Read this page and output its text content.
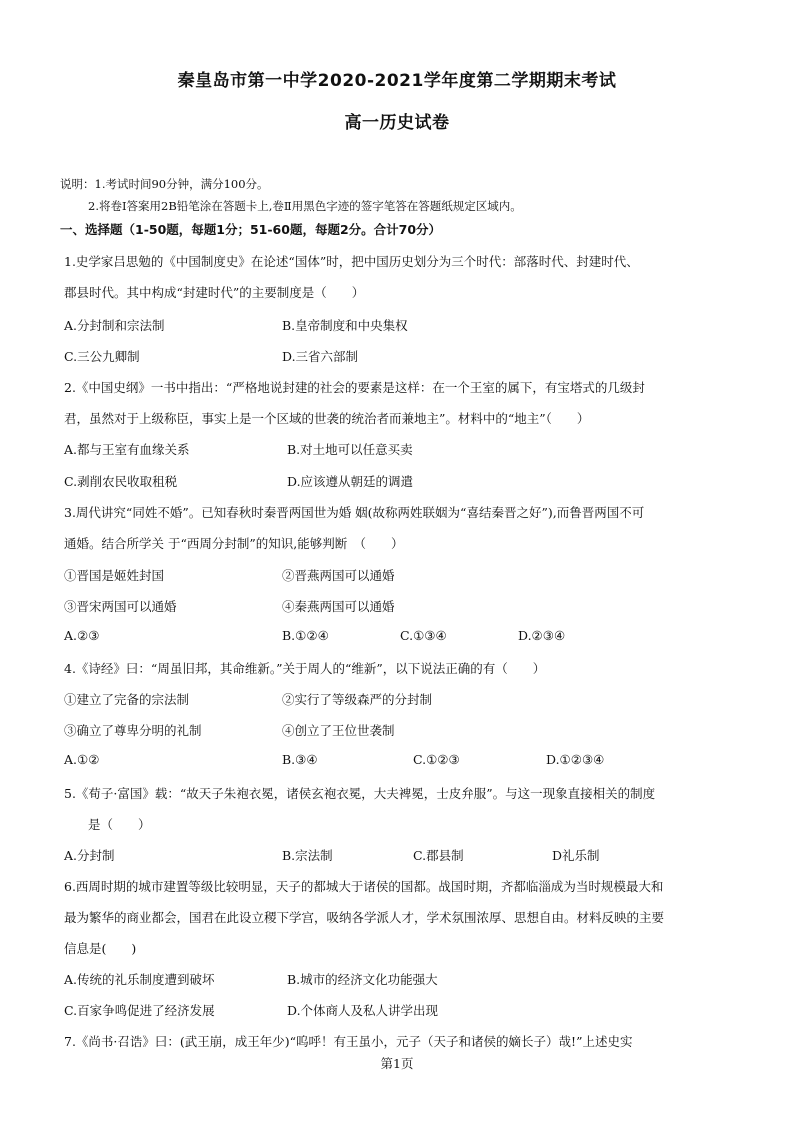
秦皇岛市第一中学2020-2021学年度第二学期期末考试
高一历史试卷
说明：1.考试时间90分钟，满分100分。
2.将卷Ⅰ答案用2B铅笔涂在答题卡上,卷Ⅱ用黑色字迹的签字笔答在答题纸规定区域内。
一、选择题（1-50题，每题1分；51-60题，每题2分。合计70分）
1.史学家吕思勉的《中国制度史》在论述“国体”时，把中国历史划分为三个时代：部落时代、封建时代、
郡县时代。其中构成“封建时代”的主要制度是（　　）
A.分封制和宗法制	B.皇帝制度和中央集权
C.三公九卿制	D.三省六部制
2.《中国史纲》一书中指出：“严格地说封建的社会的要素是这样：在一个王室的属下，有宝塔式的几级封
君，虽然对于上级称臣，事实上是一个区域的世袭的统治者而兼地主”。材料中的“地主”（　　）
A.都与王室有血缘关系	B.对土地可以任意买卖
C.剥削农民收取租税	D.应该遵从朝廷的调遣
3.周代讲究“同姓不婚”。已知春秋时秦晋两国世为婚 姻(故称两姓联姻为“喜结秦晋之好”),而鲁晋两国不可
通婚。结合所学关 于“西周分封制”的知识,能够判断　（　　）
①晋国是姬姓封国	②晋燕两国可以通婚
③晋宋两国可以通婚	④秦燕两国可以通婚
A.②③	B.①②④	C.①③④	D.②③④
4.《诗经》曰：“周虽旧邦，其命维新。”关于周人的“维新”，以下说法正确的有（　　）
①建立了完备的宗法制	②实行了等级森严的分封制
③确立了尊卑分明的礼制	④创立了王位世袭制
A.①②	B.③④	C.①②③	D.①②③④
5.《荀子·富国》载：“故天子朱袍衣冕，诸侯玄袍衣冕，大夫裨冕，士皮弁服”。与这一现象直接相关的制度
是（　　）
A.分封制	B.宗法制	C.郡县制	D礼乐制
6.西周时期的城市建置等级比较明显，天子的都城大于诸侯的国都。战国时期，齐都临淄成为当时规模最大和
最为繁华的商业都会，国君在此设立稷下学宫，吸纳各学派人才，学术氛围浓厚、思想自由。材料反映的主要
信息是(　　)
A.传统的礼乐制度遭到破坏	B.城市的经济文化功能强大
C.百家争鸣促进了经济发展	D.个体商人及私人讲学出现
7.《尚书·召诰》曰：(武王崩，成王年少)“呜呼！有王虽小，元子（天子和诸侯的嫡长子）哉!”上述史实
第1页
